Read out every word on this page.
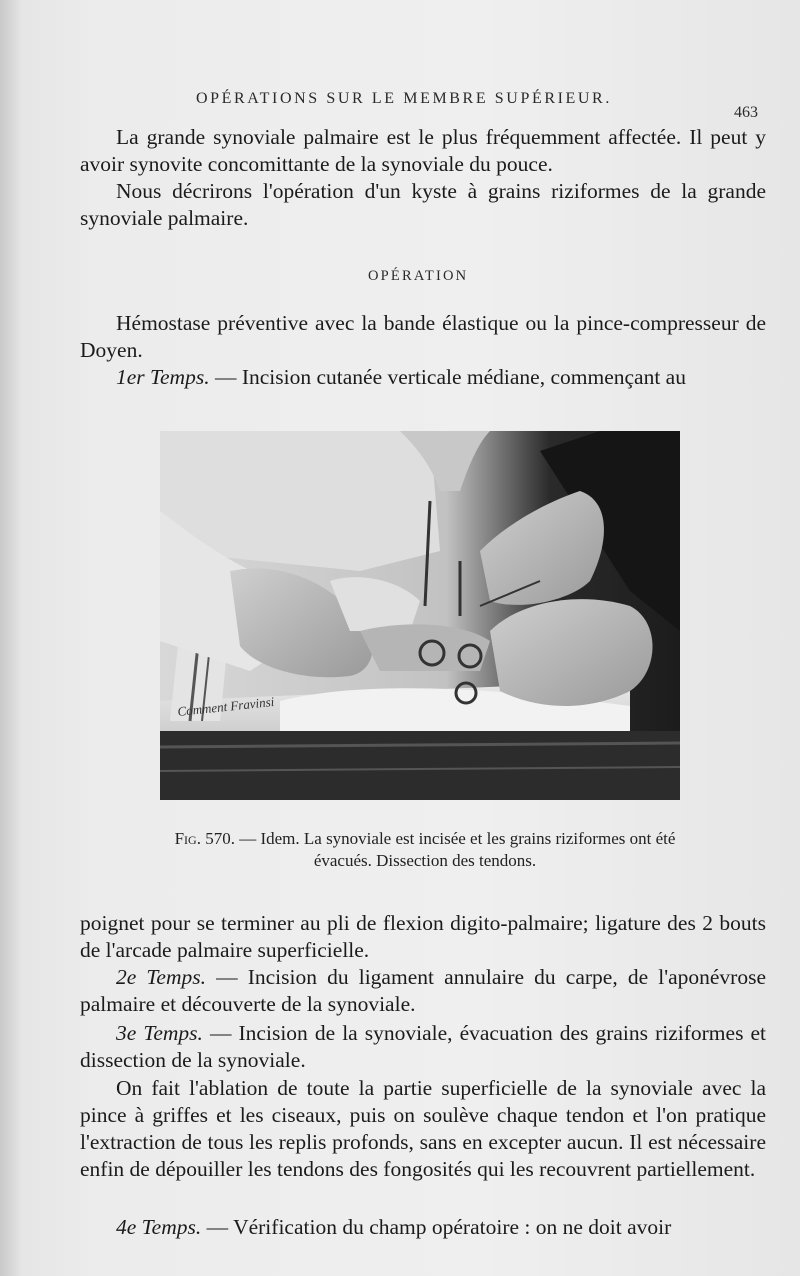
OPÉRATIONS SUR LE MEMBRE SUPÉRIEUR.
463

La grande synoviale palmaire est le plus fréquemment affectée. Il peut y avoir synovite concomittante de la synoviale du pouce.

Nous décrirons l'opération d'un kyste à grains riziformes de la grande synoviale palmaire.

OPÉRATION

Hémostase préventive avec la bande élastique ou la pince-compresseur de Doyen.

1er Temps. — Incision cutanée verticale médiane, commençant au

Comment Fravinsi
Fig. 570. — Idem. La synoviale est incisée et les grains riziformes ont été évacués. Dissection des tendons.

poignet pour se terminer au pli de flexion digito-palmaire; ligature des 2 bouts de l'arcade palmaire superficielle.

2e Temps. — Incision du ligament annulaire du carpe, de l'aponévrose palmaire et découverte de la synoviale.

3e Temps. — Incision de la synoviale, évacuation des grains riziformes et dissection de la synoviale.

On fait l'ablation de toute la partie superficielle de la synoviale avec la pince à griffes et les ciseaux, puis on soulève chaque tendon et l'on pratique l'extraction de tous les replis profonds, sans en excepter aucun. Il est nécessaire enfin de dépouiller les tendons des fongosités qui les recouvrent partiellement.

4e Temps. — Vérification du champ opératoire : on ne doit avoir
